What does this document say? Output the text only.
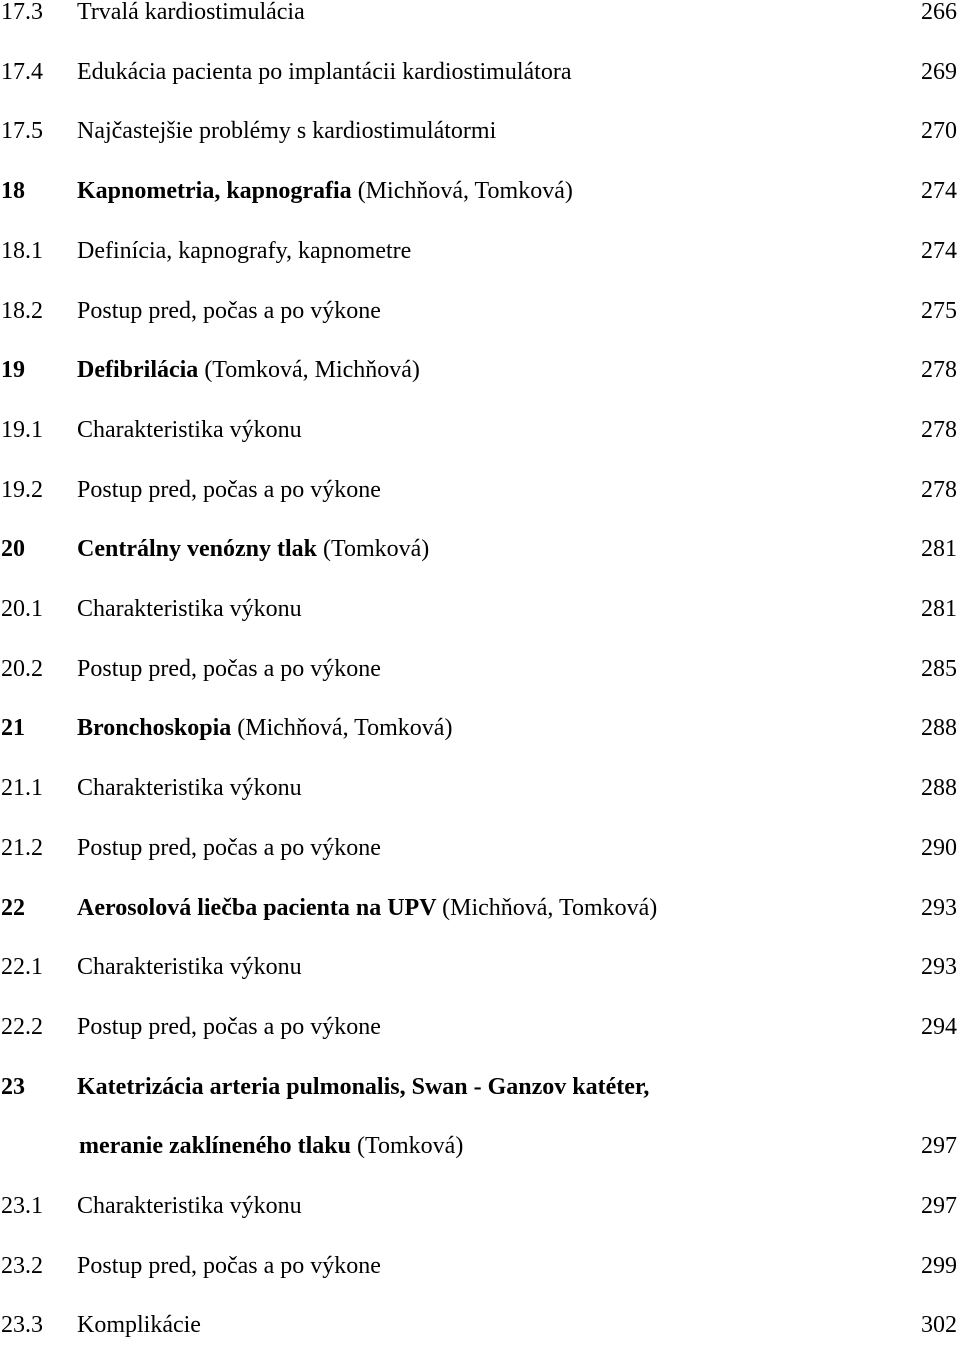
17.3 Trvalá kardiostimulácia	266
17.4 Edukácia pacienta po implantácii kardiostimulátora	269
17.5 Najčastejšie problémy s kardiostimulátormi	270
18 Kapnometria, kapnografia (Michňová, Tomková)	274
18.1 Definícia, kapnografy, kapnometre	274
18.2 Postup pred, počas a po výkone	275
19 Defibrilácia (Tomková, Michňová)	278
19.1 Charakteristika výkonu	278
19.2 Postup pred, počas a po výkone	278
20 Centrálny venózny tlak (Tomková)	281
20.1 Charakteristika výkonu	281
20.2 Postup pred, počas a po výkone	285
21 Bronchoskopia (Michňová, Tomková)	288
21.1 Charakteristika výkonu	288
21.2 Postup pred, počas a po výkone	290
22 Aerosolová liečba pacienta na UPV (Michňová, Tomková)	293
22.1 Charakteristika výkonu	293
22.2 Postup pred, počas a po výkone	294
23 Katetrizácia arteria pulmonalis, Swan - Ganzov katéter,
meranie zaklíneného tlaku (Tomková)	297
23.1 Charakteristika výkonu	297
23.2 Postup pred, počas a po výkone	299
23.3 Komplikácie	302
